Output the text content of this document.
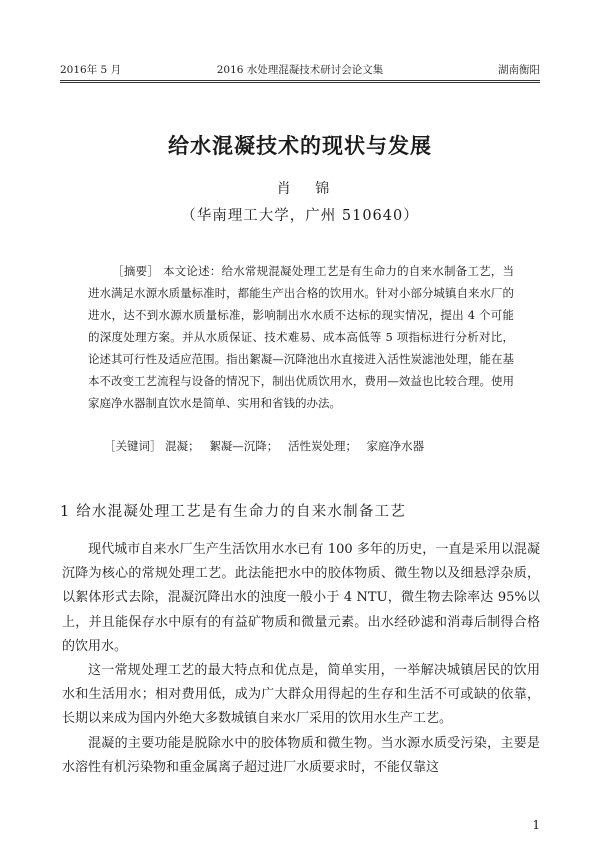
2016年 5 月	2016 水处理混凝技术研讨会论文集	湖南衡阳
给水混凝技术的现状与发展
肖 锦
（华南理工大学，广州 510640）
［摘要］ 本文论述：给水常规混凝处理工艺是有生命力的自来水制备工艺，当进水满足水源水质量标准时，都能生产出合格的饮用水。针对小部分城镇自来水厂的进水，达不到水源水质量标准，影响制出水水质不达标的现实情况，提出 4 个可能的深度处理方案。并从水质保证、技术难易、成本高低等 5 项指标进行分析对比，论述其可行性及适应范围。指出絮凝—沉降池出水直接进入活性炭滤池处理，能在基本不改变工艺流程与设备的情况下，制出优质饮用水，费用—效益也比较合理。使用家庭净水器制直饮水是简单、实用和省钱的办法。
［关键词］ 混凝； 絮凝—沉降； 活性炭处理； 家庭净水器
1 给水混凝处理工艺是有生命力的自来水制备工艺

现代城市自来水厂生产生活饮用水水已有 100 多年的历史，一直是采用以混凝沉降为核心的常规处理工艺。此法能把水中的胶体物质、微生物以及细悬浮杂质，以絮体形式去除，混凝沉降出水的浊度一般小于 4 NTU，微生物去除率达 95%以上，并且能保存水中原有的有益矿物质和微量元素。出水经砂滤和消毒后制得合格的饮用水。

这一常规处理工艺的最大特点和优点是，简单实用，一举解决城镇居民的饮用水和生活用水；相对费用低，成为广大群众用得起的生存和生活不可或缺的依靠，长期以来成为国内外绝大多数城镇自来水厂采用的饮用水生产工艺。

混凝的主要功能是脱除水中的胶体物质和微生物。当水源水质受污染，主要是水溶性有机污染物和重金属离子超过进厂水质要求时，不能仅靠这

1
